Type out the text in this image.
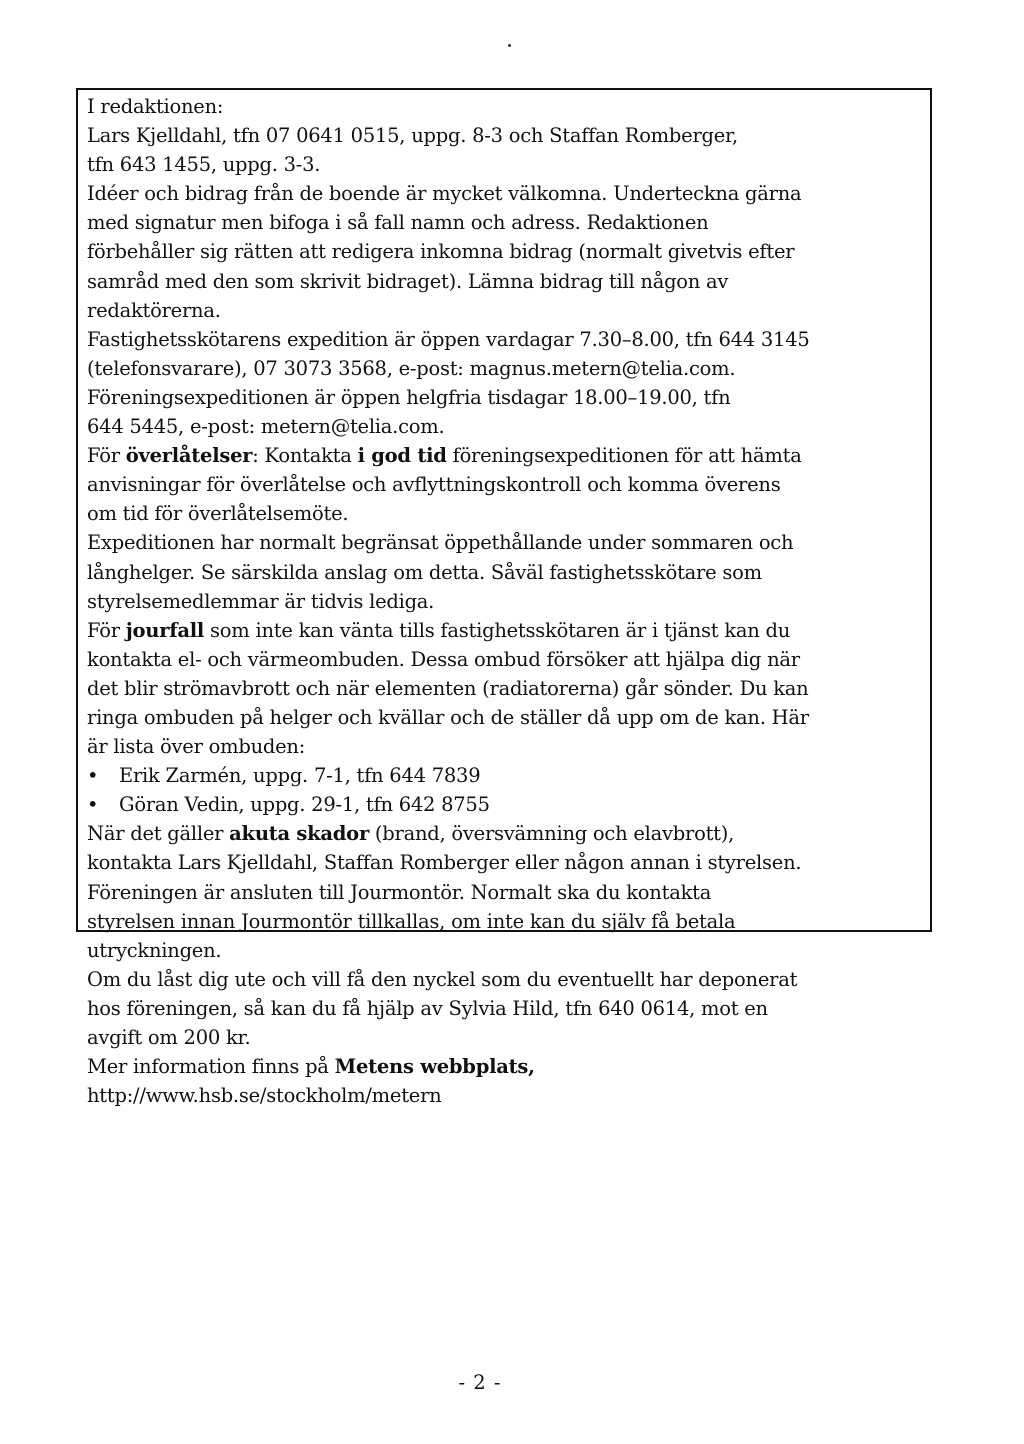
I redaktionen:
Lars Kjelldahl, tfn 07 0641 0515, uppg. 8-3 och Staffan Romberger,
tfn 643 1455, uppg. 3-3.
Idéer och bidrag från de boende är mycket välkomna. Underteckna gärna
med signatur men bifoga i så fall namn och adress. Redaktionen
förbehåller sig rätten att redigera inkomna bidrag (normalt givetvis efter
samråd med den som skrivit bidraget). Lämna bidrag till någon av
redaktörerna.
Fastighetsskötarens expedition är öppen vardagar 7.30–8.00, tfn 644 3145
(telefonsvarare), 07 3073 3568, e-post: magnus.metern@telia.com.
Föreningsexpeditionen är öppen helgfria tisdagar 18.00–19.00, tfn
644 5445, e-post: metern@telia.com.
För överlåtelser: Kontakta i god tid föreningsexpeditionen för att hämta
anvisningar för överlåtelse och avflyttningskontroll och komma överens
om tid för överlåtelsemöte.
Expeditionen har normalt begränsat öppethållande under sommaren och
långhelger. Se särskilda anslag om detta. Såväl fastighetsskötare som
styrelsemedlemmar är tidvis lediga.
För jourfall som inte kan vänta tills fastighetsskötaren är i tjänst kan du
kontakta el- och värmeombuden. Dessa ombud försöker att hjälpa dig när
det blir strömavbrott och när elementen (radiatorerna) går sönder. Du kan
ringa ombuden på helger och kvällar och de ställer då upp om de kan. Här
är lista över ombuden:
• Erik Zarmén, uppg. 7-1, tfn 644 7839
• Göran Vedin, uppg. 29-1, tfn 642 8755
När det gäller akuta skador (brand, översvämning och elavbrott),
kontakta Lars Kjelldahl, Staffan Romberger eller någon annan i styrelsen.
Föreningen är ansluten till Jourmontör. Normalt ska du kontakta
styrelsen innan Jourmontör tillkallas, om inte kan du själv få betala
utryckningen.
Om du låst dig ute och vill få den nyckel som du eventuellt har deponerat
hos föreningen, så kan du få hjälp av Sylvia Hild, tfn 640 0614, mot en
avgift om 200 kr.
Mer information finns på Metens webbplats,
http://www.hsb.se/stockholm/metern
- 2 -
